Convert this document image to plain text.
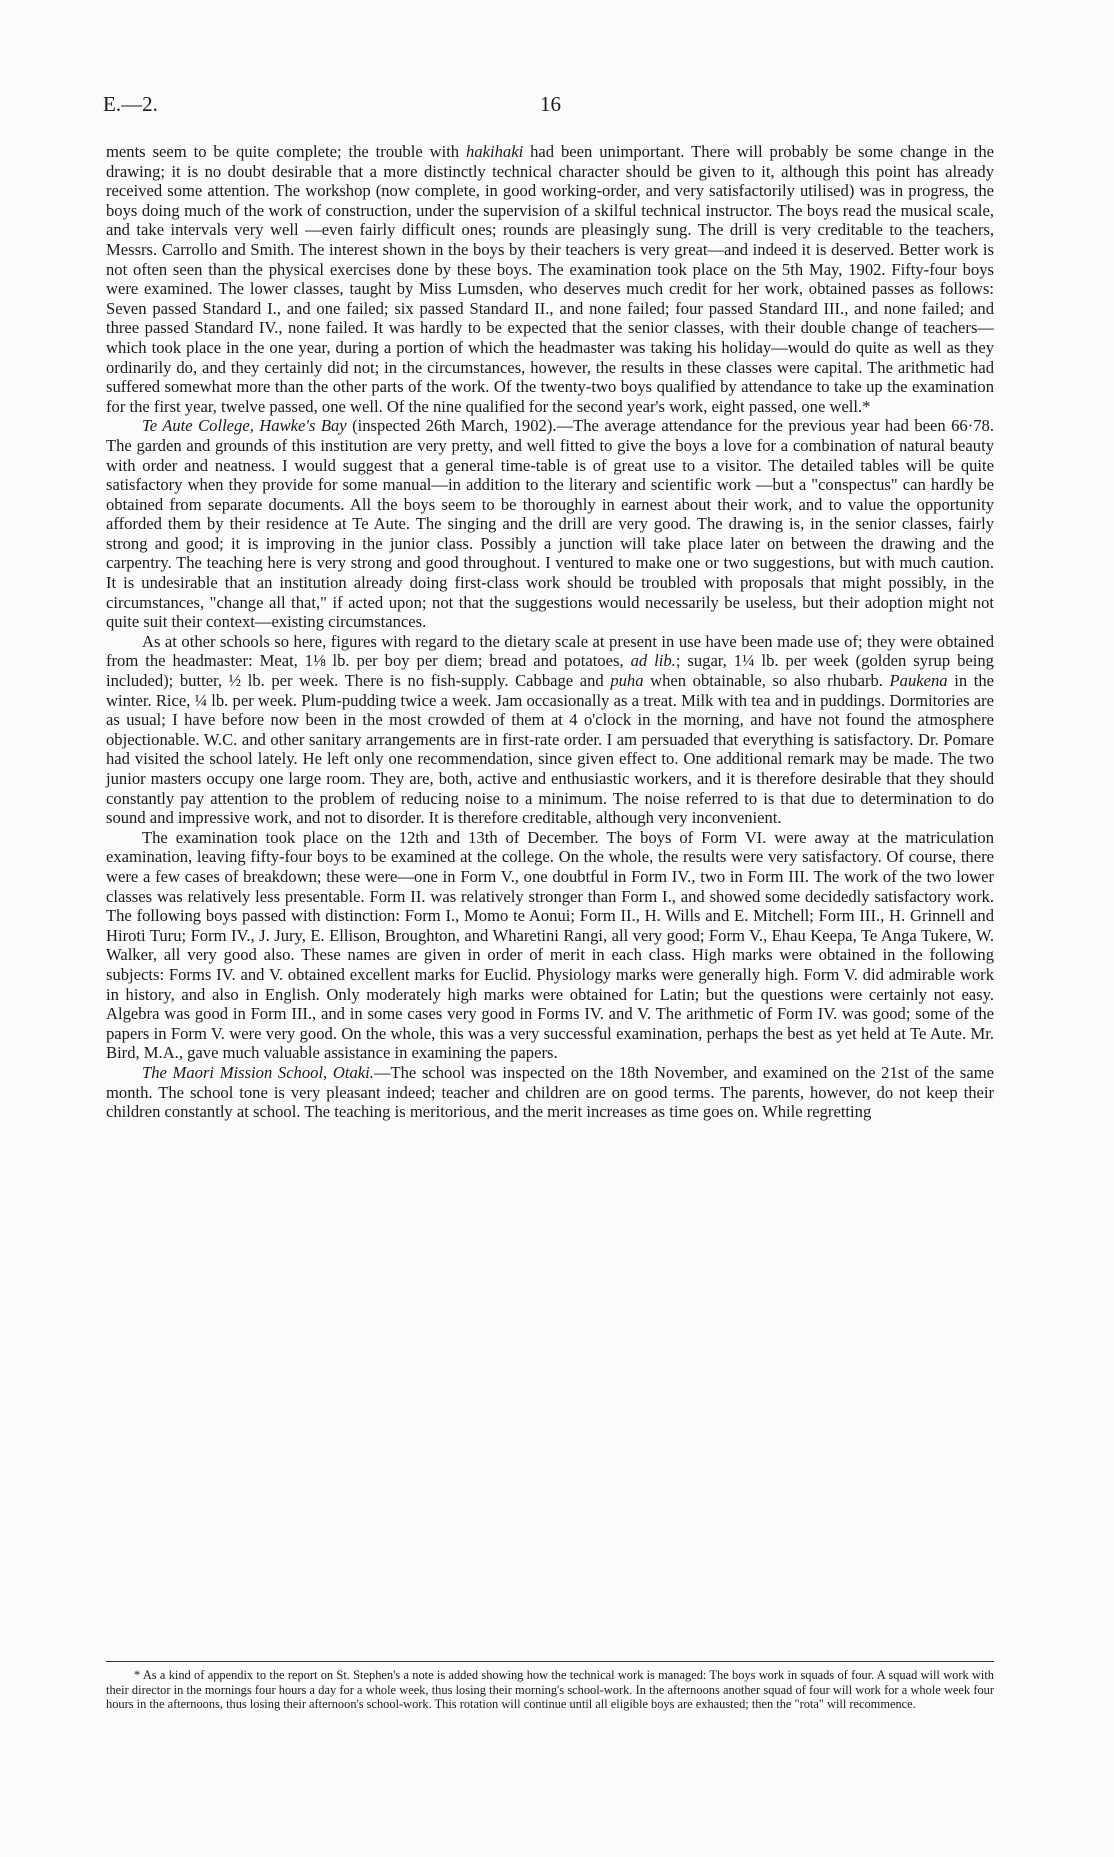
E.—2.	16

ments seem to be quite complete; the trouble with hakihaki had been unimportant. There will probably be some change in the drawing; it is no doubt desirable that a more distinctly technical character should be given to it, although this point has already received some attention. The workshop (now complete, in good working-order, and very satisfactorily utilised) was in progress, the boys doing much of the work of construction, under the supervision of a skilful technical instructor. The boys read the musical scale, and take intervals very well —even fairly difficult ones; rounds are pleasingly sung. The drill is very creditable to the teachers, Messrs. Carrollo and Smith. The interest shown in the boys by their teachers is very great—and indeed it is deserved. Better work is not often seen than the physical exercises done by these boys. The examination took place on the 5th May, 1902. Fifty-four boys were examined. The lower classes, taught by Miss Lumsden, who deserves much credit for her work, obtained passes as follows: Seven passed Standard I., and one failed; six passed Standard II., and none failed; four passed Standard III., and none failed; and three passed Standard IV., none failed. It was hardly to be expected that the senior classes, with their double change of teachers—which took place in the one year, during a portion of which the headmaster was taking his holiday—would do quite as well as they ordinarily do, and they certainly did not; in the circumstances, however, the results in these classes were capital. The arithmetic had suffered somewhat more than the other parts of the work. Of the twenty-two boys qualified by attendance to take up the examination for the first year, twelve passed, one well. Of the nine qualified for the second year's work, eight passed, one well.*

Te Aute College, Hawke's Bay (inspected 26th March, 1902).—The average attendance for the previous year had been 66·78. The garden and grounds of this institution are very pretty, and well fitted to give the boys a love for a combination of natural beauty with order and neatness. I would suggest that a general time-table is of great use to a visitor. The detailed tables will be quite satisfactory when they provide for some manual—in addition to the literary and scientific work —but a "conspectus" can hardly be obtained from separate documents. All the boys seem to be thoroughly in earnest about their work, and to value the opportunity afforded them by their residence at Te Aute. The singing and the drill are very good. The drawing is, in the senior classes, fairly strong and good; it is improving in the junior class. Possibly a junction will take place later on between the drawing and the carpentry. The teaching here is very strong and good throughout. I ventured to make one or two suggestions, but with much caution. It is undesirable that an institution already doing first-class work should be troubled with proposals that might possibly, in the circumstances, "change all that," if acted upon; not that the suggestions would necessarily be useless, but their adoption might not quite suit their context—existing circumstances.

As at other schools so here, figures with regard to the dietary scale at present in use have been made use of; they were obtained from the headmaster: Meat, 1⅛ lb. per boy per diem; bread and potatoes, ad lib.; sugar, 1¼ lb. per week (golden syrup being included); butter, ½ lb. per week. There is no fish-supply. Cabbage and puha when obtainable, so also rhubarb. Paukena in the winter. Rice, ¼ lb. per week. Plum-pudding twice a week. Jam occasionally as a treat. Milk with tea and in puddings. Dormitories are as usual; I have before now been in the most crowded of them at 4 o'clock in the morning, and have not found the atmosphere objectionable. W.C. and other sanitary arrangements are in first-rate order. I am persuaded that everything is satisfactory. Dr. Pomare had visited the school lately. He left only one recommendation, since given effect to. One additional remark may be made. The two junior masters occupy one large room. They are, both, active and enthusiastic workers, and it is therefore desirable that they should constantly pay attention to the problem of reducing noise to a minimum. The noise referred to is that due to determination to do sound and impressive work, and not to disorder. It is therefore creditable, although very inconvenient.

The examination took place on the 12th and 13th of December. The boys of Form VI. were away at the matriculation examination, leaving fifty-four boys to be examined at the college. On the whole, the results were very satisfactory. Of course, there were a few cases of breakdown; these were—one in Form V., one doubtful in Form IV., two in Form III. The work of the two lower classes was relatively less presentable. Form II. was relatively stronger than Form I., and showed some decidedly satisfactory work. The following boys passed with distinction: Form I., Momo te Aonui; Form II., H. Wills and E. Mitchell; Form III., H. Grinnell and Hiroti Turu; Form IV., J. Jury, E. Ellison, Broughton, and Wharetini Rangi, all very good; Form V., Ehau Keepa, Te Anga Tukere, W. Walker, all very good also. These names are given in order of merit in each class. High marks were obtained in the following subjects: Forms IV. and V. obtained excellent marks for Euclid. Physiology marks were generally high. Form V. did admirable work in history, and also in English. Only moderately high marks were obtained for Latin; but the questions were certainly not easy. Algebra was good in Form III., and in some cases very good in Forms IV. and V. The arithmetic of Form IV. was good; some of the papers in Form V. were very good. On the whole, this was a very successful examination, perhaps the best as yet held at Te Aute. Mr. Bird, M.A., gave much valuable assistance in examining the papers.

The Maori Mission School, Otaki.—The school was inspected on the 18th November, and examined on the 21st of the same month. The school tone is very pleasant indeed; teacher and children are on good terms. The parents, however, do not keep their children constantly at school. The teaching is meritorious, and the merit increases as time goes on. While regretting

* As a kind of appendix to the report on St. Stephen's a note is added showing how the technical work is managed: The boys work in squads of four. A squad will work with their director in the mornings four hours a day for a whole week, thus losing their morning's school-work. In the afternoons another squad of four will work for a whole week four hours in the afternoons, thus losing their afternoon's school-work. This rotation will continue until all eligible boys are exhausted; then the "rota" will recommence.
